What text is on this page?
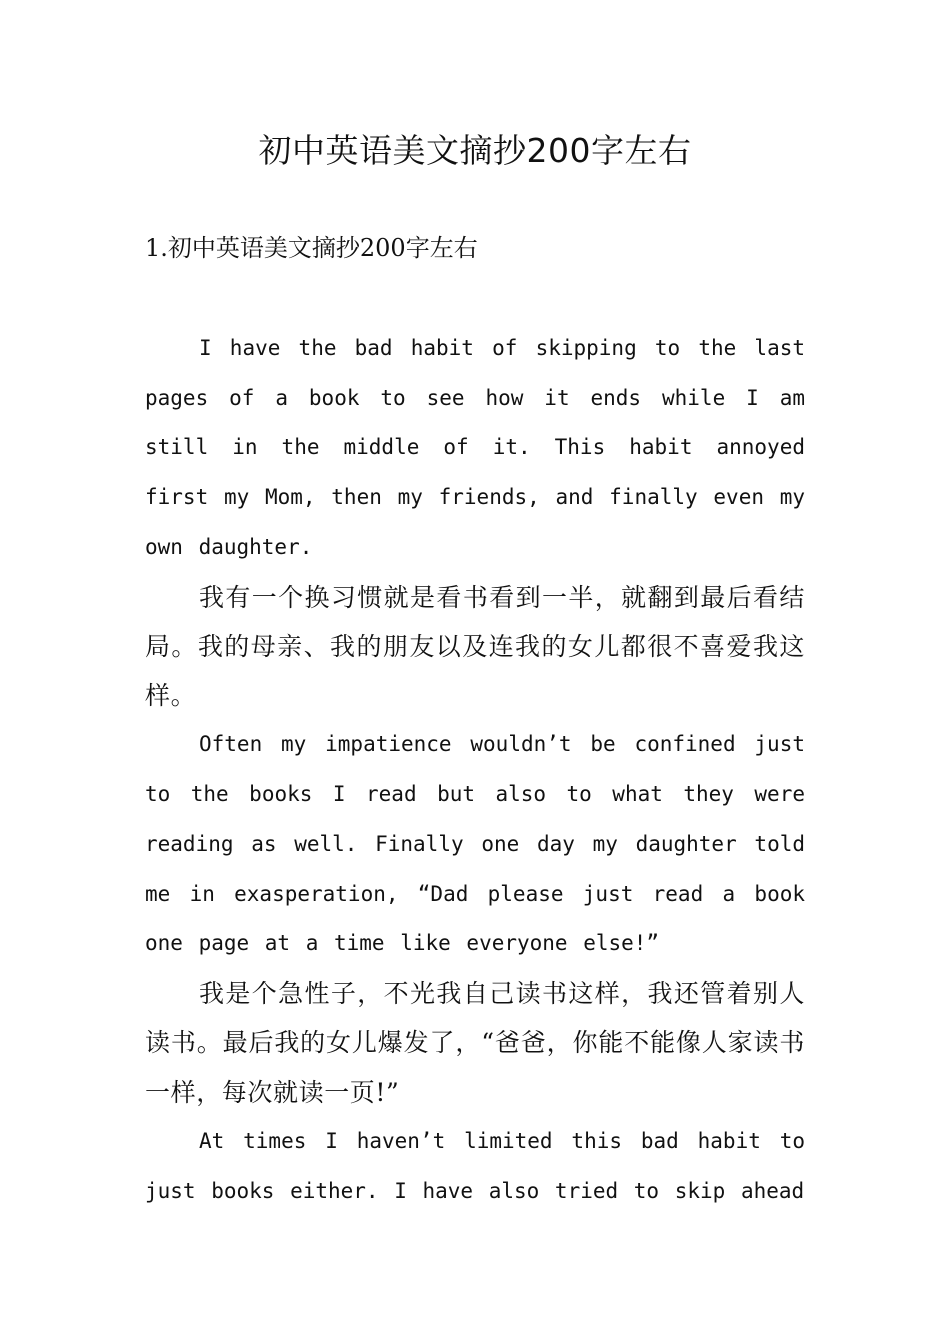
初中英语美文摘抄200字左右

1.初中英语美文摘抄200字左右

I have the bad habit of skipping to the last pages of a book to see how it ends while I am still in the middle of it. This habit annoyed first my Mom, then my friends, and finally even my own daughter.

我有一个换习惯就是看书看到一半，就翻到最后看结局。我的母亲、我的朋友以及连我的女儿都很不喜爱我这样。

Often my impatience wouldn’t be confined just to the books I read but also to what they were reading as well. Finally one day my daughter told me in exasperation, “Dad please just read a book one page at a time like everyone else!”

我是个急性子，不光我自己读书这样，我还管着别人读书。最后我的女儿爆发了，“爸爸，你能不能像人家读书一样，每次就读一页!”

At times I haven’t limited this bad habit to just books either. I have also tried to skip ahead
